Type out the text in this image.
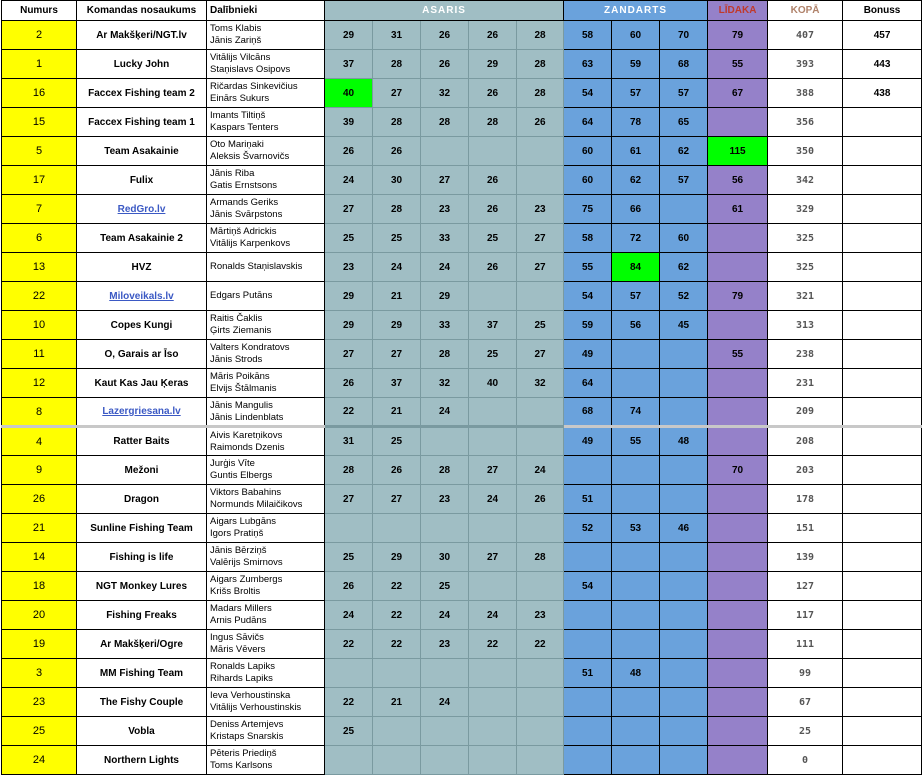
Numurs	Komandas nosaukums	Dalībnieki	ASARIS					ZANDARTS			LĪDAKA	KOPĀ	Bonuss
2	Ar Makšķeri/NGT.lv	Toms Klabis
Jānis Zariņš	29	31	26	26	28	58	60	70	79	407	457
1	Lucky John	Vitālijs Vilcāns
Staņislavs Osipovs	37	28	26	29	28	63	59	68	55	393	443
16	Faccex Fishing team 2	Ričardas Sinkevičius
Einārs Sukurs	40	27	32	26	28	54	57	57	67	388	438
15	Faccex Fishing team 1	Imants Tiltiņš
Kaspars Tenters	39	28	28	28	26	64	78	65		356	
5	Team Asakainie	Oto Mariņaki
Aleksis Švarnovičs	26	26				60	61	62	115	350	
17	Fulix	Jānis Riba
Gatis Ernstsons	24	30	27	26		60	62	57	56	342	
7	RedGro.lv	Armands Geriks
Jānis Svārpstons	27	28	23	26	23	75	66		61	329	
6	Team Asakainie 2	Mārtiņš Adrickis
Vitālijs Karpenkovs	25	25	33	25	27	58	72	60		325	
13	HVZ	Ronalds Staņislavskis	23	24	24	26	27	55	84	62		325	
22	Miloveikals.lv	Edgars Putāns	29	21	29			54	57	52	79	321	
10	Copes Kungi	Raitis Čaklis
Ģirts Ziemanis	29	29	33	37	25	59	56	45		313	
11	O, Garais ar Īso	Valters Kondratovs
Jānis Strods	27	27	28	25	27	49			55	238	
12	Kaut Kas Jau Ķeras	Māris Poikāns
Elvijs Štālmanis	26	37	32	40	32	64				231	
8	Lazergriesana.lv	Jānis Mangulis
Jānis Lindenblats	22	21	24			68	74			209	
4	Ratter Baits	Aivis Karetņikovs
Raimonds Dzenis	31	25				49	55	48		208	
9	Mežoni	Jurģis Vīte
Guntis Elbergs	28	26	28	27	24				70	203	
26	Dragon	Viktors Babahins
Normunds Milaičikovs	27	27	23	24	26	51				178	
21	Sunline Fishing Team	Aigars Lubgāns
Igors Pratiņš						52	53	46		151	
14	Fishing is life	Jānis Bērziņš
Valērijs Smirnovs	25	29	30	27	28					139	
18	NGT Monkey Lures	Aigars Zumbergs
Krišs Broltis	26	22	25			54				127	
20	Fishing Freaks	Madars Millers
Arnis Pudāns	24	22	24	24	23					117	
19	Ar Makšķeri/Ogre	Ingus Sāvičs
Māris Vēvers	22	22	23	22	22					111	
3	MM Fishing Team	Ronalds Lapiks
Rihards Lapiks						51	48			99	
23	The Fishy Couple	Ieva Verhoustinska
Vitālijs Verhoustinskis	22	21	24							67	
25	Vobla	Deniss Artemjevs
Kristaps Snarskis	25									25	
24	Northern Lights	Pēteris Priediņš
Toms Karlsons										0	
